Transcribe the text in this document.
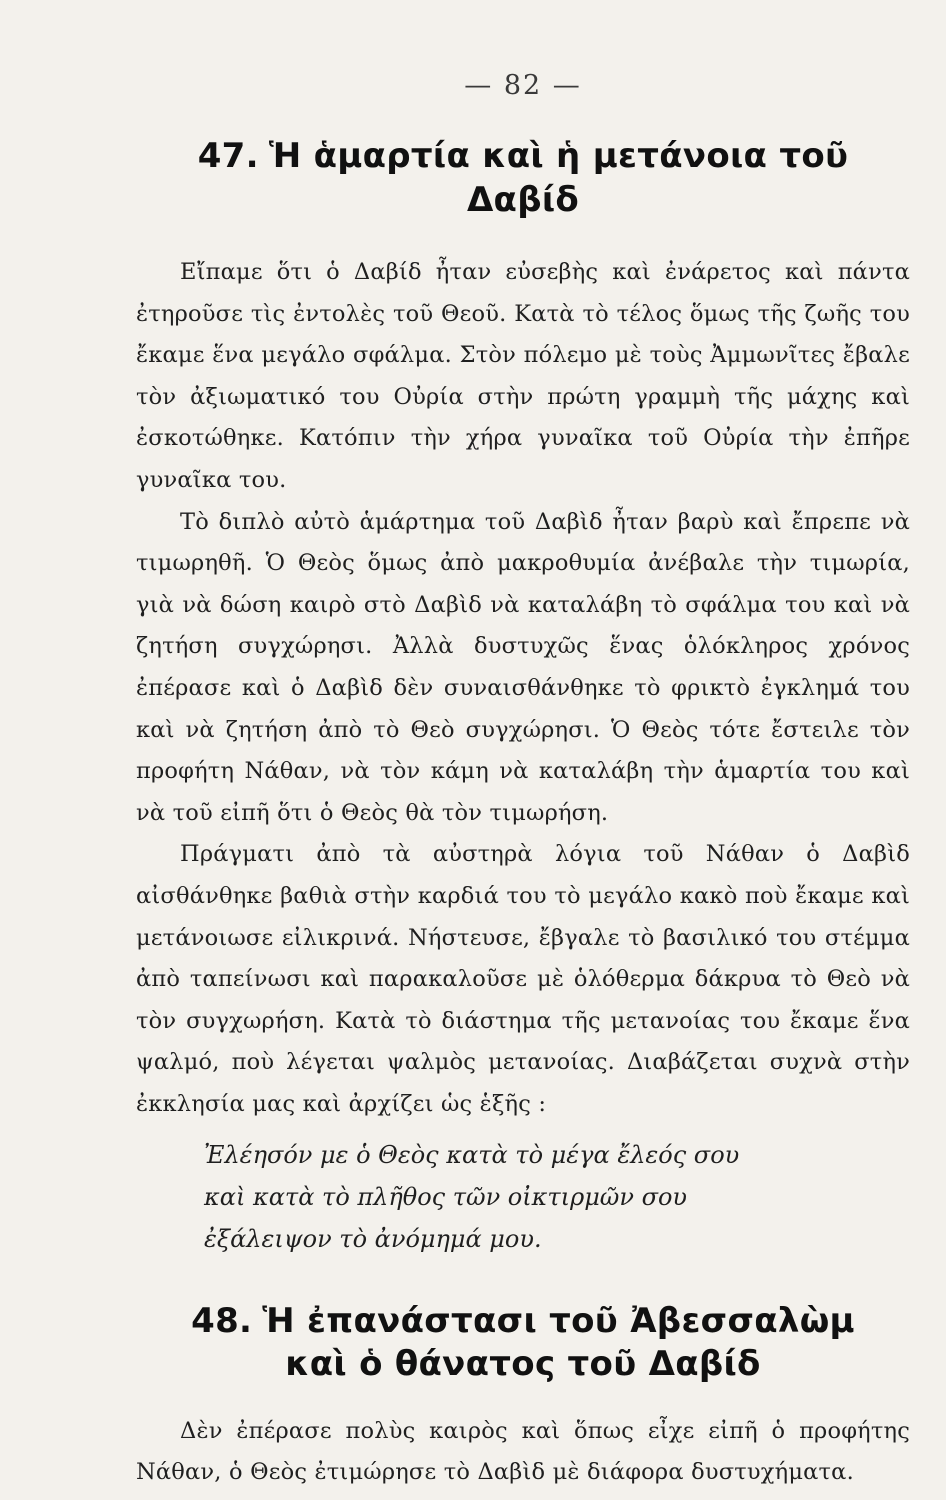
— 82 —
47. Ἡ ἁμαρτία καὶ ἡ μετάνοια τοῦ Δαβίδ

Εἴπαμε ὅτι ὁ Δαβίδ ἦταν εὐσεβὴς καὶ ἐνάρετος καὶ πάντα ἐτηροῦσε τὶς ἐντολὲς τοῦ Θεοῦ. Κατὰ τὸ τέλος ὅμως τῆς ζωῆς του ἔκαμε ἕνα μεγάλο σφάλμα. Στὸν πόλεμο μὲ τοὺς Ἀμμωνῖτες ἔβαλε τὸν ἀξιωματικό του Οὐρία στὴν πρώτη γραμμὴ τῆς μάχης καὶ ἐσκοτώθηκε. Κατόπιν τὴν χήρα γυναῖκα τοῦ Οὐρία τὴν ἐπῆρε γυναῖκα του.

Τὸ διπλὸ αὐτὸ ἁμάρτημα τοῦ Δαβὶδ ἦταν βαρὺ καὶ ἔπρεπε νὰ τιμωρηθῆ. Ὁ Θεὸς ὅμως ἀπὸ μακροθυμία ἀνέβαλε τὴν τιμωρία, γιὰ νὰ δώση καιρὸ στὸ Δαβὶδ νὰ καταλάβη τὸ σφάλμα του καὶ νὰ ζητήση συγχώρησι. Ἀλλὰ δυστυχῶς ἕνας ὁλόκληρος χρόνος ἐπέρασε καὶ ὁ Δαβὶδ δὲν συναισθάνθηκε τὸ φρικτὸ ἐγκλημά του καὶ νὰ ζητήση ἀπὸ τὸ Θεὸ συγχώρησι. Ὁ Θεὸς τότε ἔστειλε τὸν προφήτη Νάθαν, νὰ τὸν κάμη νὰ καταλάβη τὴν ἁμαρτία του καὶ νὰ τοῦ εἰπῆ ὅτι ὁ Θεὸς θὰ τὸν τιμωρήση.

Πράγματι ἀπὸ τὰ αὐστηρὰ λόγια τοῦ Νάθαν ὁ Δαβὶδ αἰσθάνθηκε βαθιὰ στὴν καρδιά του τὸ μεγάλο κακὸ ποὺ ἔκαμε καὶ μετάνοιωσε εἰλικρινά. Νήστευσε, ἔβγαλε τὸ βασιλικό του στέμμα ἀπὸ ταπείνωσι καὶ παρακαλοῦσε μὲ ὁλόθερμα δάκρυα τὸ Θεὸ νὰ τὸν συγχωρήση. Κατὰ τὸ διάστημα τῆς μετανοίας του ἔκαμε ἕνα ψαλμό, ποὺ λέγεται ψαλμὸς μετανοίας. Διαβάζεται συχνὰ στὴν ἐκκλησία μας καὶ ἀρχίζει ὡς ἑξῆς :

Ἐλέησόν με ὁ Θεὸς κατὰ τὸ μέγα ἔλεός σου
καὶ κατὰ τὸ πλῆθος τῶν οἰκτιρμῶν σου
ἐξάλειψον τὸ ἀνόμημά μου.
48. Ἡ ἐπανάστασι τοῦ Ἀβεσσαλὼμ
καὶ ὁ θάνατος τοῦ Δαβίδ

Δὲν ἐπέρασε πολὺς καιρὸς καὶ ὅπως εἶχε εἰπῆ ὁ προφήτης Νάθαν, ὁ Θεὸς ἐτιμώρησε τὸ Δαβὶδ μὲ διάφορα δυστυχήματα.
